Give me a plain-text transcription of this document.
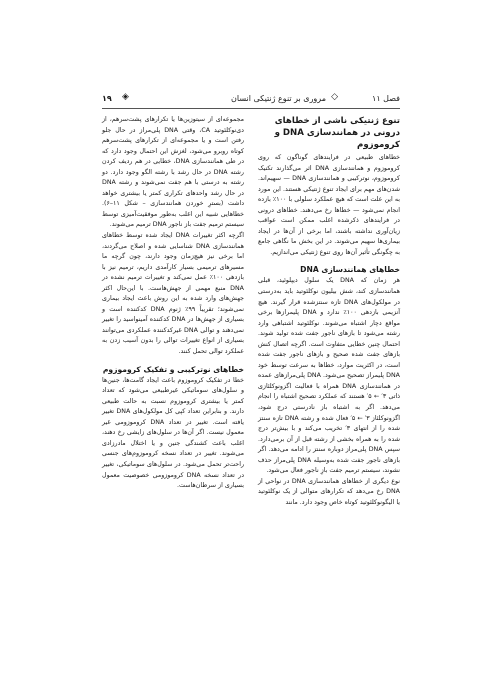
فصل ۱۱
◇
مروری بر تنوع ژنتیکی انسان
◈
۱۹
تنوع ژنتیکی ناشی از خطاهای درونی در همانندسازی DNA و کروموزوم

خطاهای طبیعی در فرایندهای گوناگون که روی کروموزوم و همانندسازی DNA اثر می‌گذارند تکنیک کروموزوم، نوترکیبی و همانندسازی DNA — سهیم‌اند. شدن‌های مهم برای ایجاد تنوع ژنتیکی هستند. این مورد به این علت است که هیچ عملکرد سلولی با ۱۰۰٪ بازده انجام نمی‌شود — خطاها رخ می‌دهند. خطاهای درونی در فرایندهای ذکرشده اغلب ممکن است عواقب زیان‌آوری نداشته باشند، اما برخی از آن‌ها در ایجاد بیماری‌ها سهیم می‌شوند. در این بخش ما نگاهی جامع به چگونگی تأثیر آن‌ها روی تنوع ژنتیکی می‌اندازیم.

خطاهای همانندسازی DNA

هر زمان که DNA یک سلول دیپلوئید، قبلی همانندسازی کند، شش بیلیون نوکلئوتید باید به‌درستی در مولکول‌های DNA تازه سنتزشده قرار گیرند. هیچ آنزیمی بازدهی ۱۰۰٪ ندارد و DNA پلیمرازها برخی مواقع دچار اشتباه می‌شوند. نوکلئوتید اشتباهی وارد رشته می‌شود تا بازهای ناجور جفت شده تولید شوند. احتمال چنین خطایی متفاوت است. اگرچه اتصال کنش بازهای جفت شده صحیح و بازهای ناجور جفت شده است، در اکثریت موارد، خطاها به سرعت توسط خود DNA پلیمراز تصحیح می‌شود. DNA پلی‌مرازهای عمده در همانندسازی DNA همراه با فعالیت اگزونوکلئازی ذاتی ۳′ ← ۵′ هستند که عملکرد تصحیح اشتباه را انجام می‌دهد. اگر به اشتباه باز نادرستی درج شود، اگزونوکلئاز ۳′ ← ۵′ فعال شده و رشته DNA تازه سنتز شده را از انتهای ۳′ تخریب می‌کند و با بیش‌تر درج شده را به همراه بخشی از رشته قبل از آن برمی‌دارد. سپس DNA پلی‌مراز دوباره سنتز را ادامه می‌دهد. اگر بازهای ناجور جفت شده به‌وسیله DNA پلی‌مراز حذف نشوند، سیستم ترمیم جفت بازِ ناجور فعال می‌شود.

نوع دیگری از خطاهای همانندسازی DNA در نواحی از DNA رخ می‌دهد که تکرارهای متوالی از یک نوکلئوتید یا الیگونوکلئوتید کوتاه خاص وجود دارد. مانند

مجموعه‌ای از سیتوزین‌ها یا تکرارهای پشت‌سرهم، از دی‌نوکلئوتید CA، وقتی DNA پلی‌مراز در حال جلو رفتن است و یا مجموعه‌ای از تکرارهای پشت‌سرهم کوتاه روبرو می‌شود، لغزش این احتمال وجود دارد که در طی همانندسازی DNA، خطایی در هم ردیف کردن رشته DNA در حال رشد با رشته الگو وجود دارد. دو رشته به درستی با هم جفت نمی‌شوند و رشته DNA در حال رشد واحدهای تکراری کمتر یا بیشتری خواهد داشت (بسترِ خوردن همانندسازی – شکل ۱۱–۶). خطاهایی شبیه این اغلب به‌طور موفقیت‌آمیزی توسط سیستم ترمیم جفت باز ناجور DNA ترمیم می‌شوند.

اگرچه اکثر تغییرات DNA ایجاد شده توسط خطاهای همانندسازی DNA شناسایی شده و اصلاح می‌گردند، اما برخی نیز هیچ‌زمان وجود دارند، چون گرچه ما مسیرهای ترمیمی بسیار کارآمدی داریم، ترمیم نیز با بازدهی ۱۰۰٪ عمل نمی‌کند و تغییرات ترمیم نشده در DNA منبع مهمی از جهش‌هاست. با این‌حال اکثر جهش‌های وارد شده به این روش باعث ایجاد بیماری نمی‌شوند؛ تقریباً ۹۹٪ ژنوم DNA کدکننده است و بسیاری از جهش‌ها در DNA کدکننده آمینواسید را تغییر نمی‌دهند و توالی DNA غیرکدکننده عملکردی می‌توانند بسیاری از انواع تغییرات توالی را بدون آسیب زدن به عملکرد توالی تحمل کنند.

خطاهای نوترکیبی و تفکیک کروموزوم

خطا در تفکیک کروموزوم باعث ایجاد گامت‌ها، جنین‌ها و سلول‌های سوماتیکی غیرطبیعی می‌شود که تعداد کمتر یا بیشتری کروموزوم نسبت به حالت طبیعی دارند. و بنابراین تعداد کپی کل مولکول‌های DNA تغییر یافته است. تغییر در تعداد DNA کروموزومی غیر معمول نیست. اگر آن‌ها در سلول‌های زایشی رخ دهند، اغلب باعث کشندگی جنین و یا اختلال مادرزادی می‌شوند. تغییر در تعداد نسخه کروموزوم‌های جنسی راحت‌تر تحمل می‌شود. در سلول‌های سوماتیکی، تغییر در تعداد نسخه DNA کروموزومی خصوصیت معمول بسیاری از سرطان‌هاست.
